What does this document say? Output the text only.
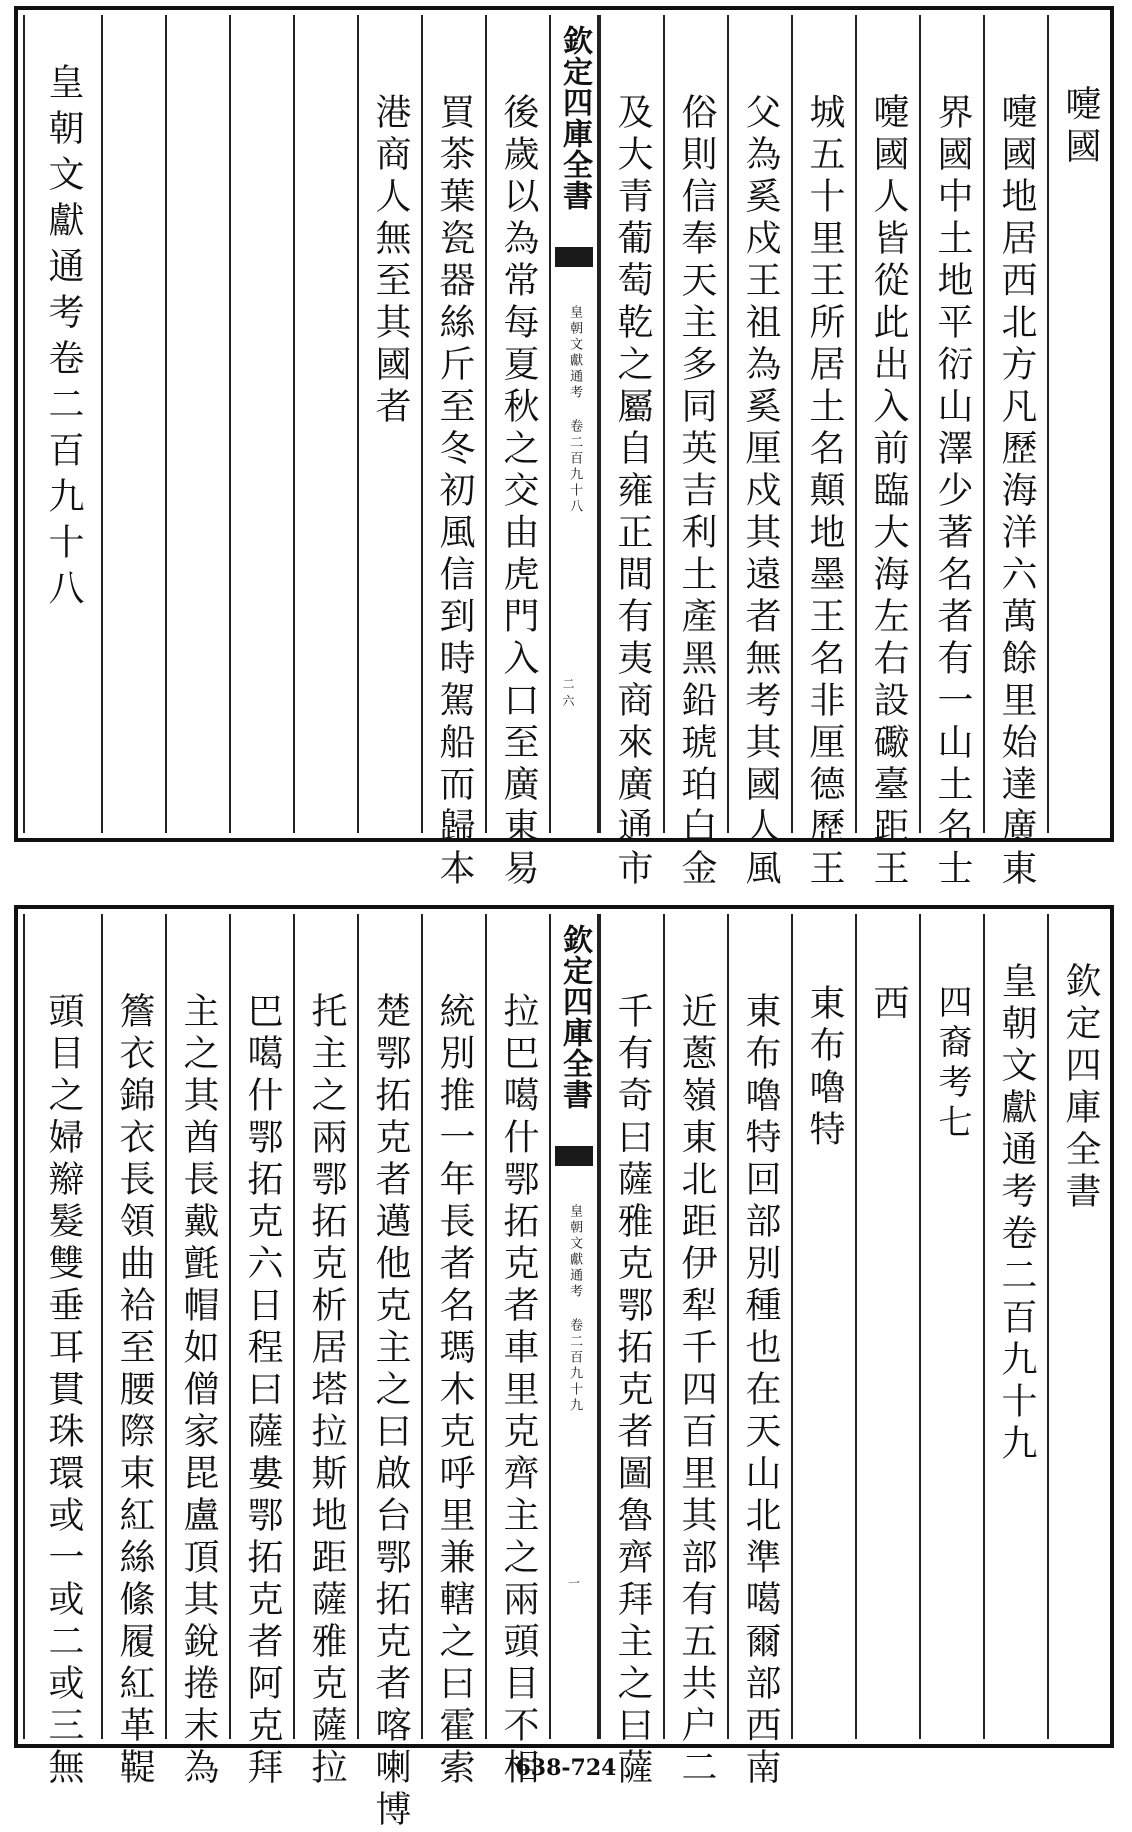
嚏國
嚏國地居西北方凡歷海洋六萬餘里始達廣東
界國中土地平衍山澤少著名者有一山土名士
嚏國人皆從此出入前臨大海左右設礮臺距王
城五十里王所居土名顛地墨王名非厘德歷王
父為奚戍王祖為奚厘戍其遠者無考其國人風
俗則信奉天主多同英吉利土產黑鉛琥珀白金
及大青葡萄乾之屬自雍正間有夷商來廣通市
欽定四庫全書
皇朝文獻通考 卷二百九十八
二六
後歲以為常每夏秋之交由虎門入口至廣東易
買茶葉瓷器絲斤至冬初風信到時駕船而歸本
港商人無至其國者
皇朝文獻通考卷二百九十八
欽定四庫全書
皇朝文獻通考卷二百九十九
四裔考七
西
東布嚕特
東布嚕特回部別種也在天山北準噶爾部西南
近蔥嶺東北距伊犁千四百里其部有五共户二
千有奇曰薩雅克鄂拓克者圖魯齊拜主之曰薩
欽定四庫全書
皇朝文獻通考 卷二百九十九
一
拉巴噶什鄂拓克者車里克齊主之兩頭目不相
統別推一年長者名瑪木克呼里兼轄之曰霍索
楚鄂拓克者邁他克主之曰啟台鄂拓克者喀喇博
托主之兩鄂拓克析居塔拉斯地距薩雅克薩拉
巴噶什鄂拓克六日程曰薩婁鄂拓克者阿克拜
主之其酋長戴氈帽如僧家毘盧頂其銳捲末為
簷衣錦衣長領曲袷至腰際束紅絲絛履紅革鞮
頭目之婦辮髮雙垂耳貫珠環或一或二或三無	638-724
